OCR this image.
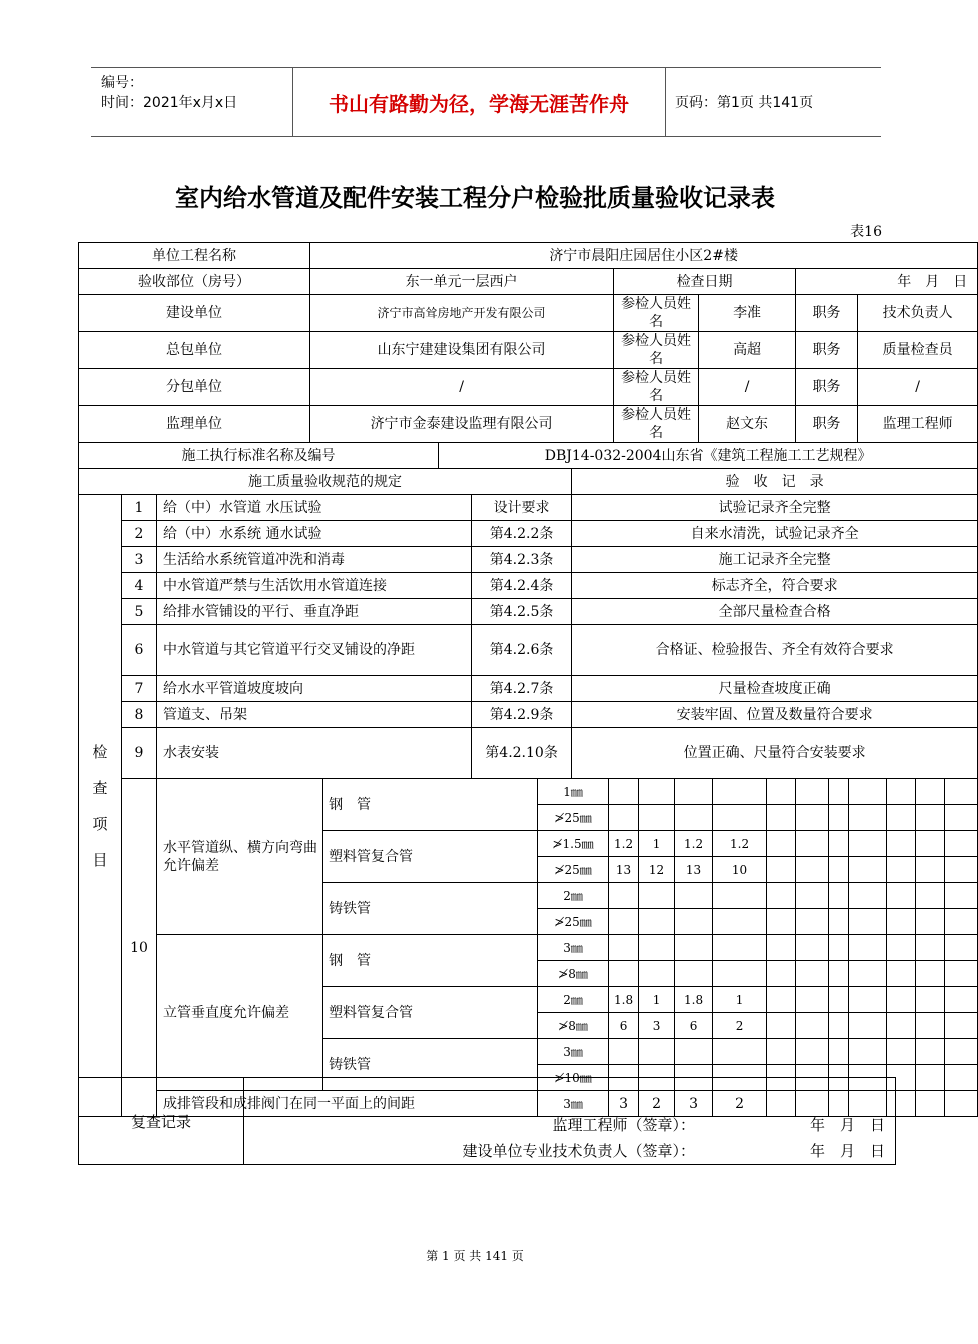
编号：
时间：2021年x月x日	书山有路勤为径，学海无涯苦作舟	页码：第1页 共141页
室内给水管道及配件安装工程分户检验批质量验收记录表
表16
单位工程名称			济宁市晨阳庄园居住小区2#楼																				
验收部位（房号）			东一单元一层西户							检查日期						年　月　日							
建设单位			济宁市高耸房地产开发有限公司							参检人员姓名			李准			职务			技术负责人				
总包单位			山东宁建建设集团有限公司							参检人员姓名			高超			职务			质量检查员				
分包单位			/							参检人员姓名			/			职务			/				
监理单位			济宁市金泰建设监理有限公司							参检人员姓名			赵文东			职务			监理工程师				
施工执行标准名称及编号					DBJ14-032-2004山东省《建筑工程施工工艺规程》																		
施工质量验收规范的规定								验　收　记　录															
检
查
项
目	1	给（中）水管道 水压试验				设计要求		试验记录齐全完整															
	2	给（中）水系统 通水试验				第4.2.2条		自来水清洗，试验记录齐全															
	3	生活给水系统管道冲洗和消毒				第4.2.3条		施工记录齐全完整															
	4	中水管道严禁与生活饮用水管道连接				第4.2.4条		标志齐全，符合要求															
	5	给排水管铺设的平行、垂直净距				第4.2.5条		全部尺量检查合格															
	6	中水管道与其它管道平行交叉铺设的净距				第4.2.6条		合格证、检验报告、齐全有效符合要求															
	7	给水水平管道坡度坡向				第4.2.7条		尺量检查坡度正确															
	8	管道支、吊架				第4.2.9条		安装牢固、位置及数量符合要求															
	9	水表安装				第4.2.10条		位置正确、尺量符合安装要求															
	10	水平管道纵、横方向弯曲允许偏差		钢　管			1㎜																
							≯25㎜																
				塑料管复合管			≯1.5㎜		1.2		1	1.2		1.2									
							≯25㎜		13		12	13		10									
				铸铁管			2㎜																
							≯25㎜																
		立管垂直度允许偏差		钢　管			3㎜																
							≯8㎜																
				塑料管复合管			2㎜		1.8		1	1.8		1									
							≯8㎜		6		3	6		2									
				铸铁管			3㎜																
							≯10㎜																
		成排管段和成排阀门在同一平面上的间距					3㎜		3		2	3		2									
复查记录	监理工程师（签章）：	年　月　日
建设单位专业技术负责人（签章）：	年　月　日
第 1 页 共 141 页
